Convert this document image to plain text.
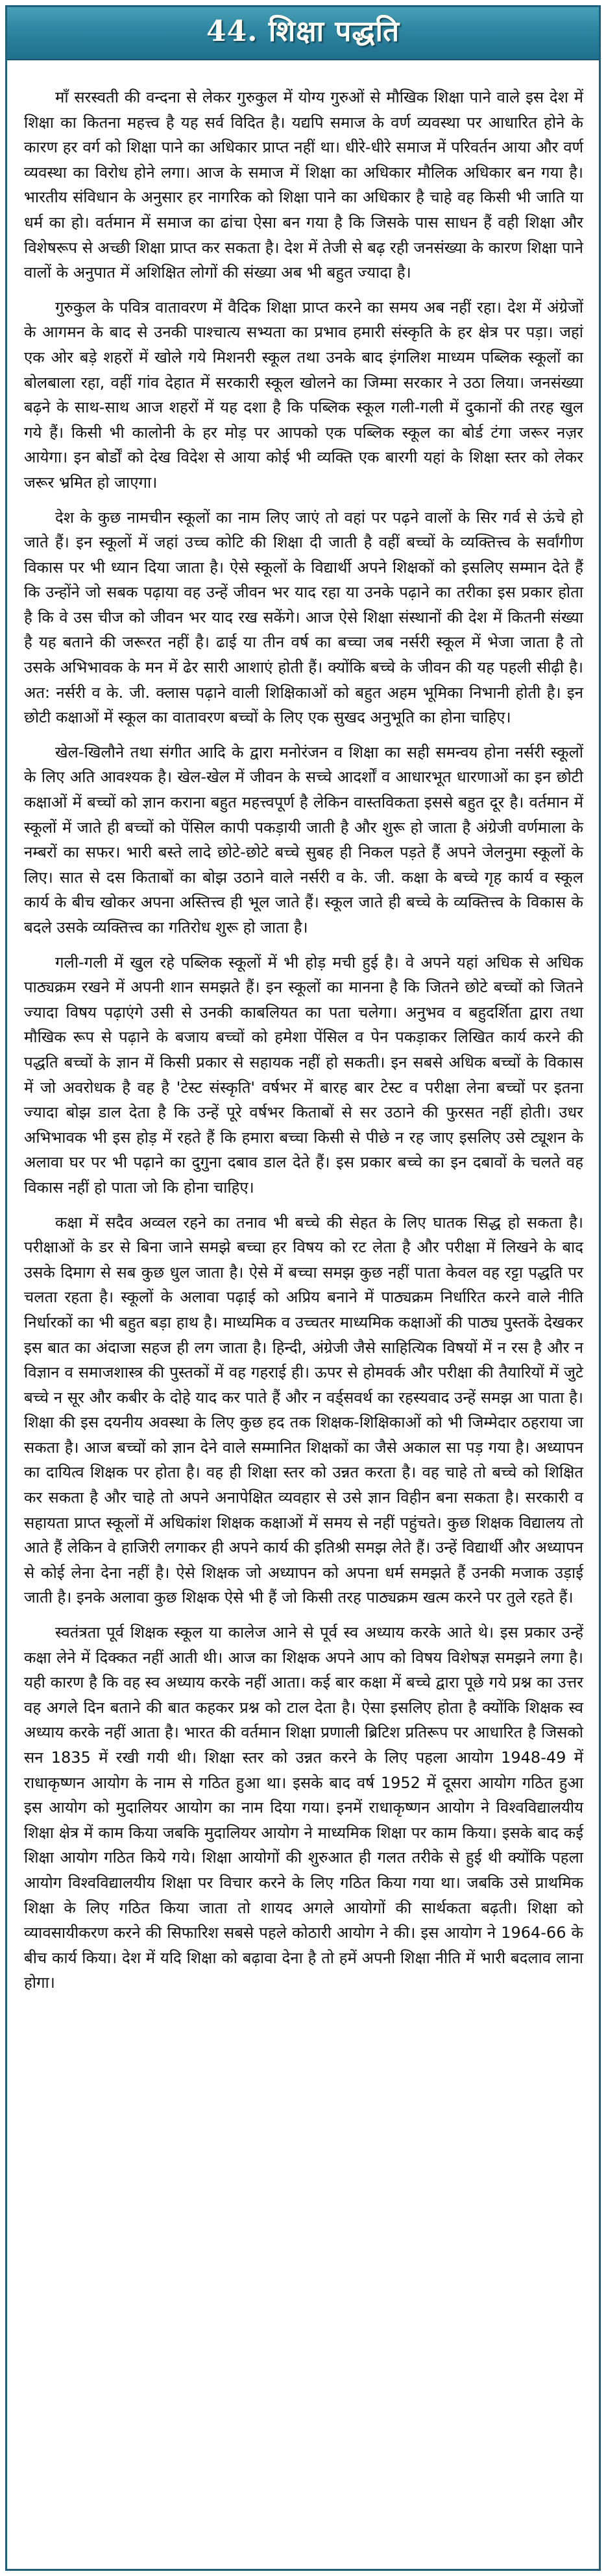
44. शिक्षा पद्धति

माँ सरस्वती की वन्दना से लेकर गुरुकुल में योग्य गुरुओं से मौखिक शिक्षा पाने वाले इस देश में शिक्षा का कितना महत्त्व है यह सर्व विदित है। यद्यपि समाज के वर्ण व्यवस्था पर आधारित होने के कारण हर वर्ग को शिक्षा पाने का अधिकार प्राप्त नहीं था। धीरे-धीरे समाज में परिवर्तन आया और वर्ण व्यवस्था का विरोध होने लगा। आज के समाज में शिक्षा का अधिकार मौलिक अधिकार बन गया है। भारतीय संविधान के अनुसार हर नागरिक को शिक्षा पाने का अधिकार है चाहे वह किसी भी जाति या धर्म का हो। वर्तमान में समाज का ढांचा ऐसा बन गया है कि जिसके पास साधन हैं वही शिक्षा और विशेषरूप से अच्छी शिक्षा प्राप्त कर सकता है। देश में तेजी से बढ़ रही जनसंख्या के कारण शिक्षा पाने वालों के अनुपात में अशिक्षित लोगों की संख्या अब भी बहुत ज्यादा है।

गुरुकुल के पवित्र वातावरण में वैदिक शिक्षा प्राप्त करने का समय अब नहीं रहा। देश में अंग्रेजों के आगमन के बाद से उनकी पाश्चात्य सभ्यता का प्रभाव हमारी संस्कृति के हर क्षेत्र पर पड़ा। जहां एक ओर बड़े शहरों में खोले गये मिशनरी स्कूल तथा उनके बाद इंगलिश माध्यम पब्लिक स्कूलों का बोलबाला रहा, वहीं गांव देहात में सरकारी स्कूल खोलने का जिम्मा सरकार ने उठा लिया। जनसंख्या बढ़ने के साथ-साथ आज शहरों में यह दशा है कि पब्लिक स्कूल गली-गली में दुकानों की तरह खुल गये हैं। किसी भी कालोनी के हर मोड़ पर आपको एक पब्लिक स्कूल का बोर्ड टंगा जरूर नज़र आयेगा। इन बोर्डों को देख विदेश से आया कोई भी व्यक्ति एक बारगी यहां के शिक्षा स्तर को लेकर जरूर भ्रमित हो जाएगा।

देश के कुछ नामचीन स्कूलों का नाम लिए जाएं तो वहां पर पढ़ने वालों के सिर गर्व से ऊंचे हो जाते हैं। इन स्कूलों में जहां उच्च कोटि की शिक्षा दी जाती है वहीं बच्चों के व्यक्तित्त्व के सर्वांगीण विकास पर भी ध्यान दिया जाता है। ऐसे स्कूलों के विद्यार्थी अपने शिक्षकों को इसलिए सम्मान देते हैं कि उन्होंने जो सबक पढ़ाया वह उन्हें जीवन भर याद रहा या उनके पढ़ाने का तरीका इस प्रकार होता है कि वे उस चीज को जीवन भर याद रख सकेंगे। आज ऐसे शिक्षा संस्थानों की देश में कितनी संख्या है यह बताने की जरूरत नहीं है। ढाई या तीन वर्ष का बच्चा जब नर्सरी स्कूल में भेजा जाता है तो उसके अभिभावक के मन में ढेर सारी आशाएं होती हैं। क्योंकि बच्चे के जीवन की यह पहली सीढ़ी है। अत: नर्सरी व के. जी. क्लास पढ़ाने वाली शिक्षिकाओं को बहुत अहम भूमिका निभानी होती है। इन छोटी कक्षाओं में स्कूल का वातावरण बच्चों के लिए एक सुखद अनुभूति का होना चाहिए।

खेल-खिलौने तथा संगीत आदि के द्वारा मनोरंजन व शिक्षा का सही समन्वय होना नर्सरी स्कूलों के लिए अति आवश्यक है। खेल-खेल में जीवन के सच्चे आदर्शों व आधारभूत धारणाओं का इन छोटी कक्षाओं में बच्चों को ज्ञान कराना बहुत महत्त्वपूर्ण है लेकिन वास्तविकता इससे बहुत दूर है। वर्तमान में स्कूलों में जाते ही बच्चों को पेंसिल कापी पकड़ायी जाती है और शुरू हो जाता है अंग्रेजी वर्णमाला के नम्बरों का सफर। भारी बस्ते लादे छोटे-छोटे बच्चे सुबह ही निकल पड़ते हैं अपने जेलनुमा स्कूलों के लिए। सात से दस किताबों का बोझ उठाने वाले नर्सरी व के. जी. कक्षा के बच्चे गृह कार्य व स्कूल कार्य के बीच खोकर अपना अस्तित्त्व ही भूल जाते हैं। स्कूल जाते ही बच्चे के व्यक्तित्त्व के विकास के बदले उसके व्यक्तित्त्व का गतिरोध शुरू हो जाता है।

गली-गली में खुल रहे पब्लिक स्कूलों में भी होड़ मची हुई है। वे अपने यहां अधिक से अधिक पाठ्यक्रम रखने में अपनी शान समझते हैं। इन स्कूलों का मानना है कि जितने छोटे बच्चों को जितने ज्यादा विषय पढ़ाएंगे उसी से उनकी काबलियत का पता चलेगा। अनुभव व बहुदर्शिता द्वारा तथा मौखिक रूप से पढ़ाने के बजाय बच्चों को हमेशा पेंसिल व पेन पकड़ाकर लिखित कार्य करने की पद्धति बच्चों के ज्ञान में किसी प्रकार से सहायक नहीं हो सकती। इन सबसे अधिक बच्चों के विकास में जो अवरोधक है वह है 'टेस्ट संस्कृति' वर्षभर में बारह बार टेस्ट व परीक्षा लेना बच्चों पर इतना ज्यादा बोझ डाल देता है कि उन्हें पूरे वर्षभर किताबों से सर उठाने की फुरसत नहीं होती। उधर अभिभावक भी इस होड़ में रहते हैं कि हमारा बच्चा किसी से पीछे न रह जाए इसलिए उसे ट्यूशन के अलावा घर पर भी पढ़ाने का दुगुना दबाव डाल देते हैं। इस प्रकार बच्चे का इन दबावों के चलते वह विकास नहीं हो पाता जो कि होना चाहिए।

कक्षा में सदैव अव्वल रहने का तनाव भी बच्चे की सेहत के लिए घातक सिद्ध हो सकता है। परीक्षाओं के डर से बिना जाने समझे बच्चा हर विषय को रट लेता है और परीक्षा में लिखने के बाद उसके दिमाग से सब कुछ धुल जाता है। ऐसे में बच्चा समझ कुछ नहीं पाता केवल वह रट्टा पद्धति पर चलता रहता है। स्कूलों के अलावा पढ़ाई को अप्रिय बनाने में पाठ्यक्रम निर्धारित करने वाले नीति निर्धारकों का भी बहुत बड़ा हाथ है। माध्यमिक व उच्चतर माध्यमिक कक्षाओं की पाठ्य पुस्तकें देखकर इस बात का अंदाजा सहज ही लग जाता है। हिन्दी, अंग्रेजी जैसे साहित्यिक विषयों में न रस है और न विज्ञान व समाजशास्त्र की पुस्तकों में वह गहराई ही। ऊपर से होमवर्क और परीक्षा की तैयारियों में जुटे बच्चे न सूर और कबीर के दोहे याद कर पाते हैं और न वर्ड्सवर्थ का रहस्यवाद उन्हें समझ आ पाता है। शिक्षा की इस दयनीय अवस्था के लिए कुछ हद तक शिक्षक-शिक्षिकाओं को भी जिम्मेदार ठहराया जा सकता है। आज बच्चों को ज्ञान देने वाले सम्मानित शिक्षकों का जैसे अकाल सा पड़ गया है। अध्यापन का दायित्व शिक्षक पर होता है। वह ही शिक्षा स्तर को उन्नत करता है। वह चाहे तो बच्चे को शिक्षित कर सकता है और चाहे तो अपने अनापेक्षित व्यवहार से उसे ज्ञान विहीन बना सकता है। सरकारी व सहायता प्राप्त स्कूलों में अधिकांश शिक्षक कक्षाओं में समय से नहीं पहुंचते। कुछ शिक्षक विद्यालय तो आते हैं लेकिन वे हाजिरी लगाकर ही अपने कार्य की इतिश्री समझ लेते हैं। उन्हें विद्यार्थी और अध्यापन से कोई लेना देना नहीं है। ऐसे शिक्षक जो अध्यापन को अपना धर्म समझते हैं उनकी मजाक उड़ाई जाती है। इनके अलावा कुछ शिक्षक ऐसे भी हैं जो किसी तरह पाठ्यक्रम खत्म करने पर तुले रहते हैं।

स्वतंत्रता पूर्व शिक्षक स्कूल या कालेज आने से पूर्व स्व अध्याय करके आते थे। इस प्रकार उन्हें कक्षा लेने में दिक्कत नहीं आती थी। आज का शिक्षक अपने आप को विषय विशेषज्ञ समझने लगा है। यही कारण है कि वह स्व अध्याय करके नहीं आता। कई बार कक्षा में बच्चे द्वारा पूछे गये प्रश्न का उत्तर वह अगले दिन बताने की बात कहकर प्रश्न को टाल देता है। ऐसा इसलिए होता है क्योंकि शिक्षक स्व अध्याय करके नहीं आता है। भारत की वर्तमान शिक्षा प्रणाली ब्रिटिश प्रतिरूप पर आधारित है जिसको सन 1835 में रखी गयी थी। शिक्षा स्तर को उन्नत करने के लिए पहला आयोग 1948-49 में राधाकृष्णन आयोग के नाम से गठित हुआ था। इसके बाद वर्ष 1952 में दूसरा आयोग गठित हुआ इस आयोग को मुदालियर आयोग का नाम दिया गया। इनमें राधाकृष्णन आयोग ने विश्वविद्यालयीय शिक्षा क्षेत्र में काम किया जबकि मुदालियर आयोग ने माध्यमिक शिक्षा पर काम किया। इसके बाद कई शिक्षा आयोग गठित किये गये। शिक्षा आयोगों की शुरुआत ही गलत तरीके से हुई थी क्योंकि पहला आयोग विश्वविद्यालयीय शिक्षा पर विचार करने के लिए गठित किया गया था। जबकि उसे प्राथमिक शिक्षा के लिए गठित किया जाता तो शायद अगले आयोगों की सार्थकता बढ़ती। शिक्षा को व्यावसायीकरण करने की सिफारिश सबसे पहले कोठारी आयोग ने की। इस आयोग ने 1964-66 के बीच कार्य किया। देश में यदि शिक्षा को बढ़ावा देना है तो हमें अपनी शिक्षा नीति में भारी बदलाव लाना होगा।
